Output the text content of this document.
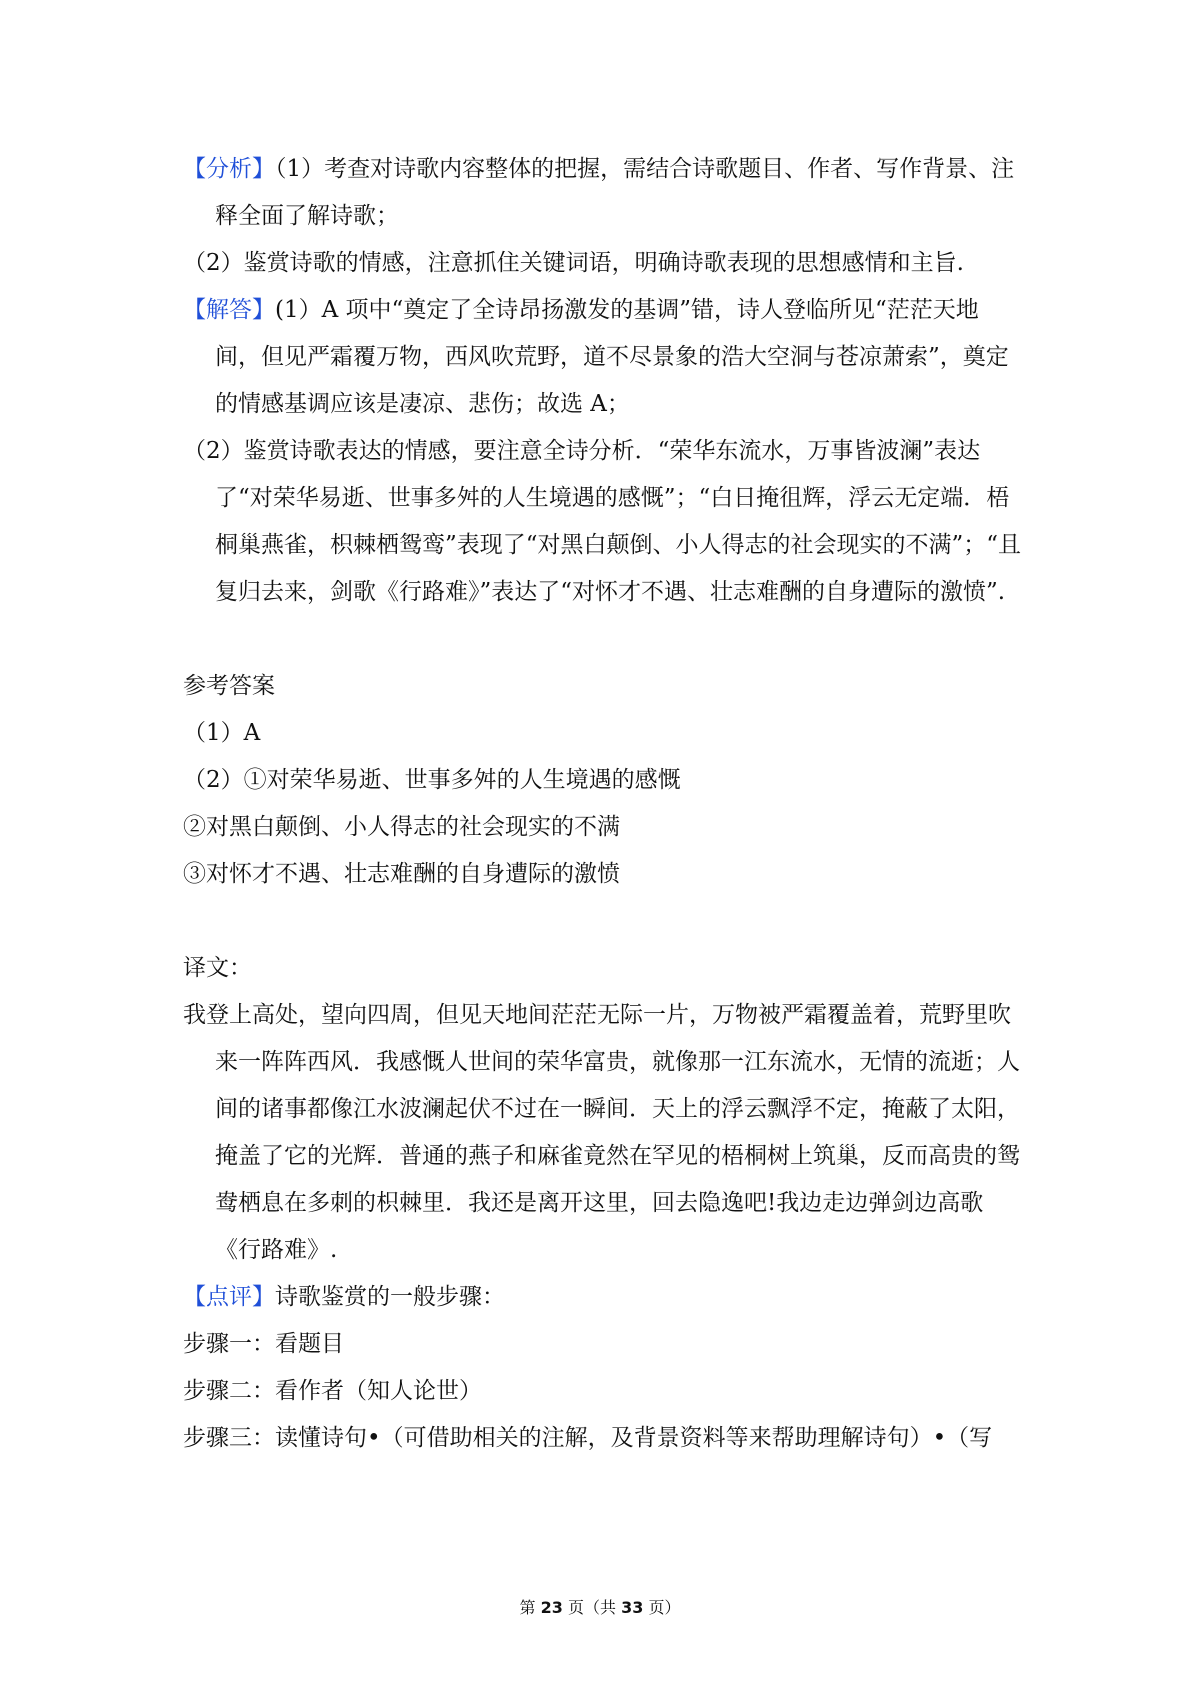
【分析】（1）考查对诗歌内容整体的把握，需结合诗歌题目、作者、写作背景、注释全面了解诗歌；

（2）鉴赏诗歌的情感，注意抓住关键词语，明确诗歌表现的思想感情和主旨.

【解答】(1）A 项中“奠定了全诗昂扬激发的基调”错，诗人登临所见“茫茫天地间，但见严霜覆万物，西风吹荒野，道不尽景象的浩大空洞与苍凉萧索”，奠定的情感基调应该是凄凉、悲伤；故选 A；

（2）鉴赏诗歌表达的情感，要注意全诗分析．“荣华东流水，万事皆波澜”表达了“对荣华易逝、世事多舛的人生境遇的感慨”；“白日掩徂辉，浮云无定端．梧桐巢燕雀，枳棘栖鸳鸾”表现了“对黑白颠倒、小人得志的社会现实的不满”；“且复归去来，剑歌《行路难》”表达了“对怀才不遇、壮志难酬的自身遭际的激愤”.

参考答案

（1）A

（2）①对荣华易逝、世事多舛的人生境遇的感慨

②对黑白颠倒、小人得志的社会现实的不满

③对怀才不遇、壮志难酬的自身遭际的激愤

译文：

我登上高处，望向四周，但见天地间茫茫无际一片，万物被严霜覆盖着，荒野里吹来一阵阵西风．我感慨人世间的荣华富贵，就像那一江东流水，无情的流逝；人间的诸事都像江水波澜起伏不过在一瞬间．天上的浮云飘浮不定，掩蔽了太阳，掩盖了它的光辉．普通的燕子和麻雀竟然在罕见的梧桐树上筑巢，反而高贵的鸳鸯栖息在多刺的枳棘里．我还是离开这里，回去隐逸吧!我边走边弹剑边高歌《行路难》.

【点评】诗歌鉴赏的一般步骤：

步骤一：看题目

步骤二：看作者（知人论世）

步骤三：读懂诗句•（可借助相关的注解，及背景资料等来帮助理解诗句）•（写

第 23 页（共 33 页）
